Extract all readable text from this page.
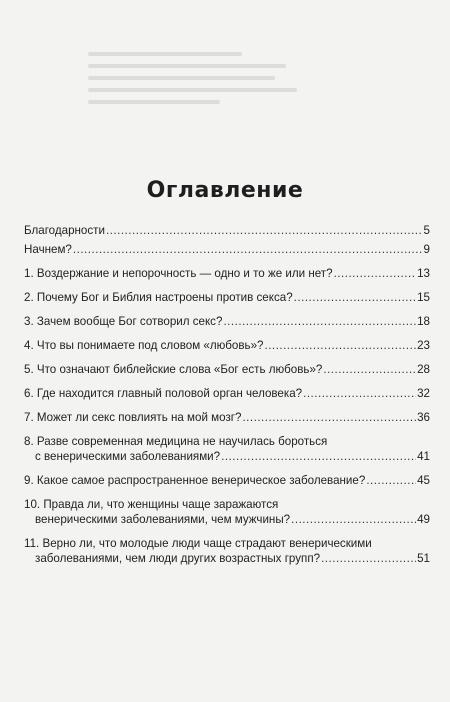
Оглавление
Благодарности .....	5
Начнем? .....	9
1. Воздержание и непорочность — одно и то же или нет? .....	13
2. Почему Бог и Библия настроены против секса? .....	15
3. Зачем вообще Бог сотворил секс? .....	18
4. Что вы понимаете под словом «любовь»? .....	23
5. Что означают библейские слова «Бог есть любовь»? .....	28
6. Где находится главный половой орган человека? .....	32
7. Может ли секс повлиять на мой мозг? .....	36
8. Разве современная медицина не научилась бороться
с венерическими заболеваниями? .....	41
9. Какое самое распространенное венерическое заболевание? .....	45
10. Правда ли, что женщины чаще заражаются
венерическими заболеваниями, чем мужчины? .....	49
11. Верно ли, что молодые люди чаще страдают венерическими
заболеваниями, чем люди других возрастных групп? .....	51
